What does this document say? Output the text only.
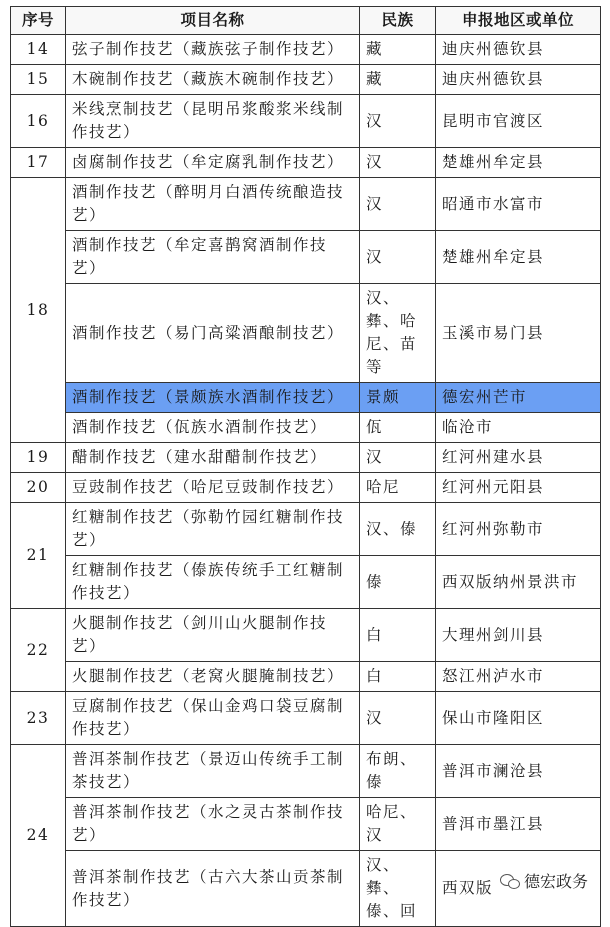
序号	项目名称	民族	申报地区或单位
14	弦子制作技艺（藏族弦子制作技艺）	藏	迪庆州德钦县
15	木碗制作技艺（藏族木碗制作技艺）	藏	迪庆州德钦县
16	米线烹制技艺（昆明吊浆酸浆米线制作技艺）	汉	昆明市官渡区
17	卤腐制作技艺（牟定腐乳制作技艺）	汉	楚雄州牟定县
18	酒制作技艺（醉明月白酒传统酿造技艺）	汉	昭通市水富市
	酒制作技艺（牟定喜鹊窝酒制作技艺）	汉	楚雄州牟定县
	酒制作技艺（易门高粱酒酿制技艺）	汉、彝、哈尼、苗等	玉溪市易门县
	酒制作技艺（景颇族水酒制作技艺）	景颇	德宏州芒市
	酒制作技艺（佤族水酒制作技艺）	佤	临沧市
19	醋制作技艺（建水甜醋制作技艺）	汉	红河州建水县
20	豆豉制作技艺（哈尼豆豉制作技艺）	哈尼	红河州元阳县
21	红糖制作技艺（弥勒竹园红糖制作技艺）	汉、傣	红河州弥勒市
	红糖制作技艺（傣族传统手工红糖制作技艺）	傣	西双版纳州景洪市
22	火腿制作技艺（剑川山火腿制作技艺）	白	大理州剑川县
	火腿制作技艺（老窝火腿腌制技艺）	白	怒江州泸水市
23	豆腐制作技艺（保山金鸡口袋豆腐制作技艺）	汉	保山市隆阳区
24	普洱茶制作技艺（景迈山传统手工制茶技艺）	布朗、傣	普洱市澜沧县
	普洱茶制作技艺（水之灵古茶制作技艺）	哈尼、汉	普洱市墨江县
	普洱茶制作技艺（古六大茶山贡茶制作技艺）	汉、彝、傣、回	西双版 德宏政务
